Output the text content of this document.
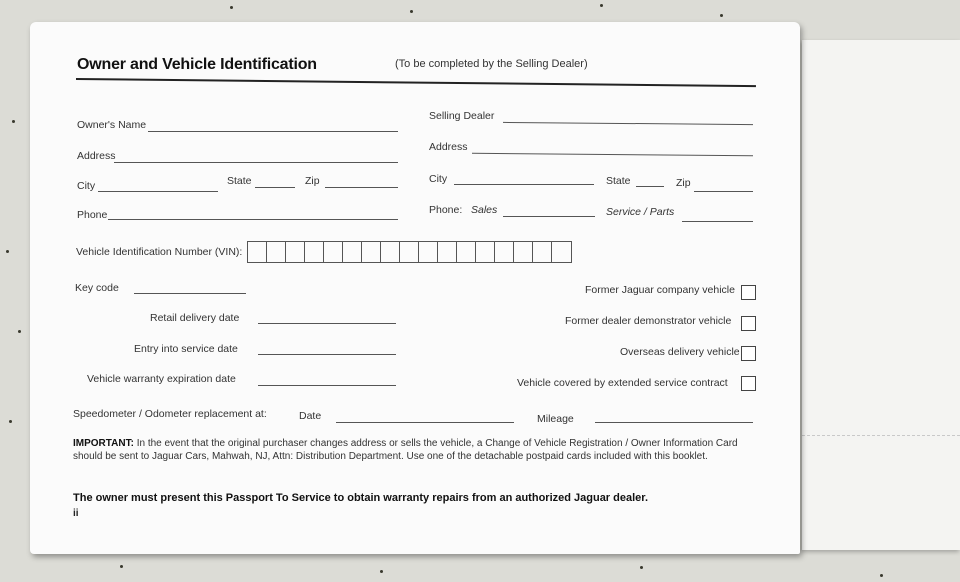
Owner and Vehicle Identification	(To be completed by the Selling Dealer)
Owner's Name
Address
City	State	Zip
Phone
Selling Dealer
Address
City	State	Zip
Phone: Sales	Service / Parts
Vehicle Identification Number (VIN):
Key code
Retail delivery date
Entry into service date
Vehicle warranty expiration date
Former Jaguar company vehicle
Former dealer demonstrator vehicle
Overseas delivery vehicle
Vehicle covered by extended service contract
Speedometer / Odometer replacement at:	Date	Mileage
IMPORTANT: In the event that the original purchaser changes address or sells the vehicle, a Change of Vehicle Registration / Owner Information Card should be sent to Jaguar Cars, Mahwah, NJ, Attn: Distribution Department. Use one of the detachable postpaid cards included with this booklet.
The owner must present this Passport To Service to obtain warranty repairs from an authorized Jaguar dealer.
ii
